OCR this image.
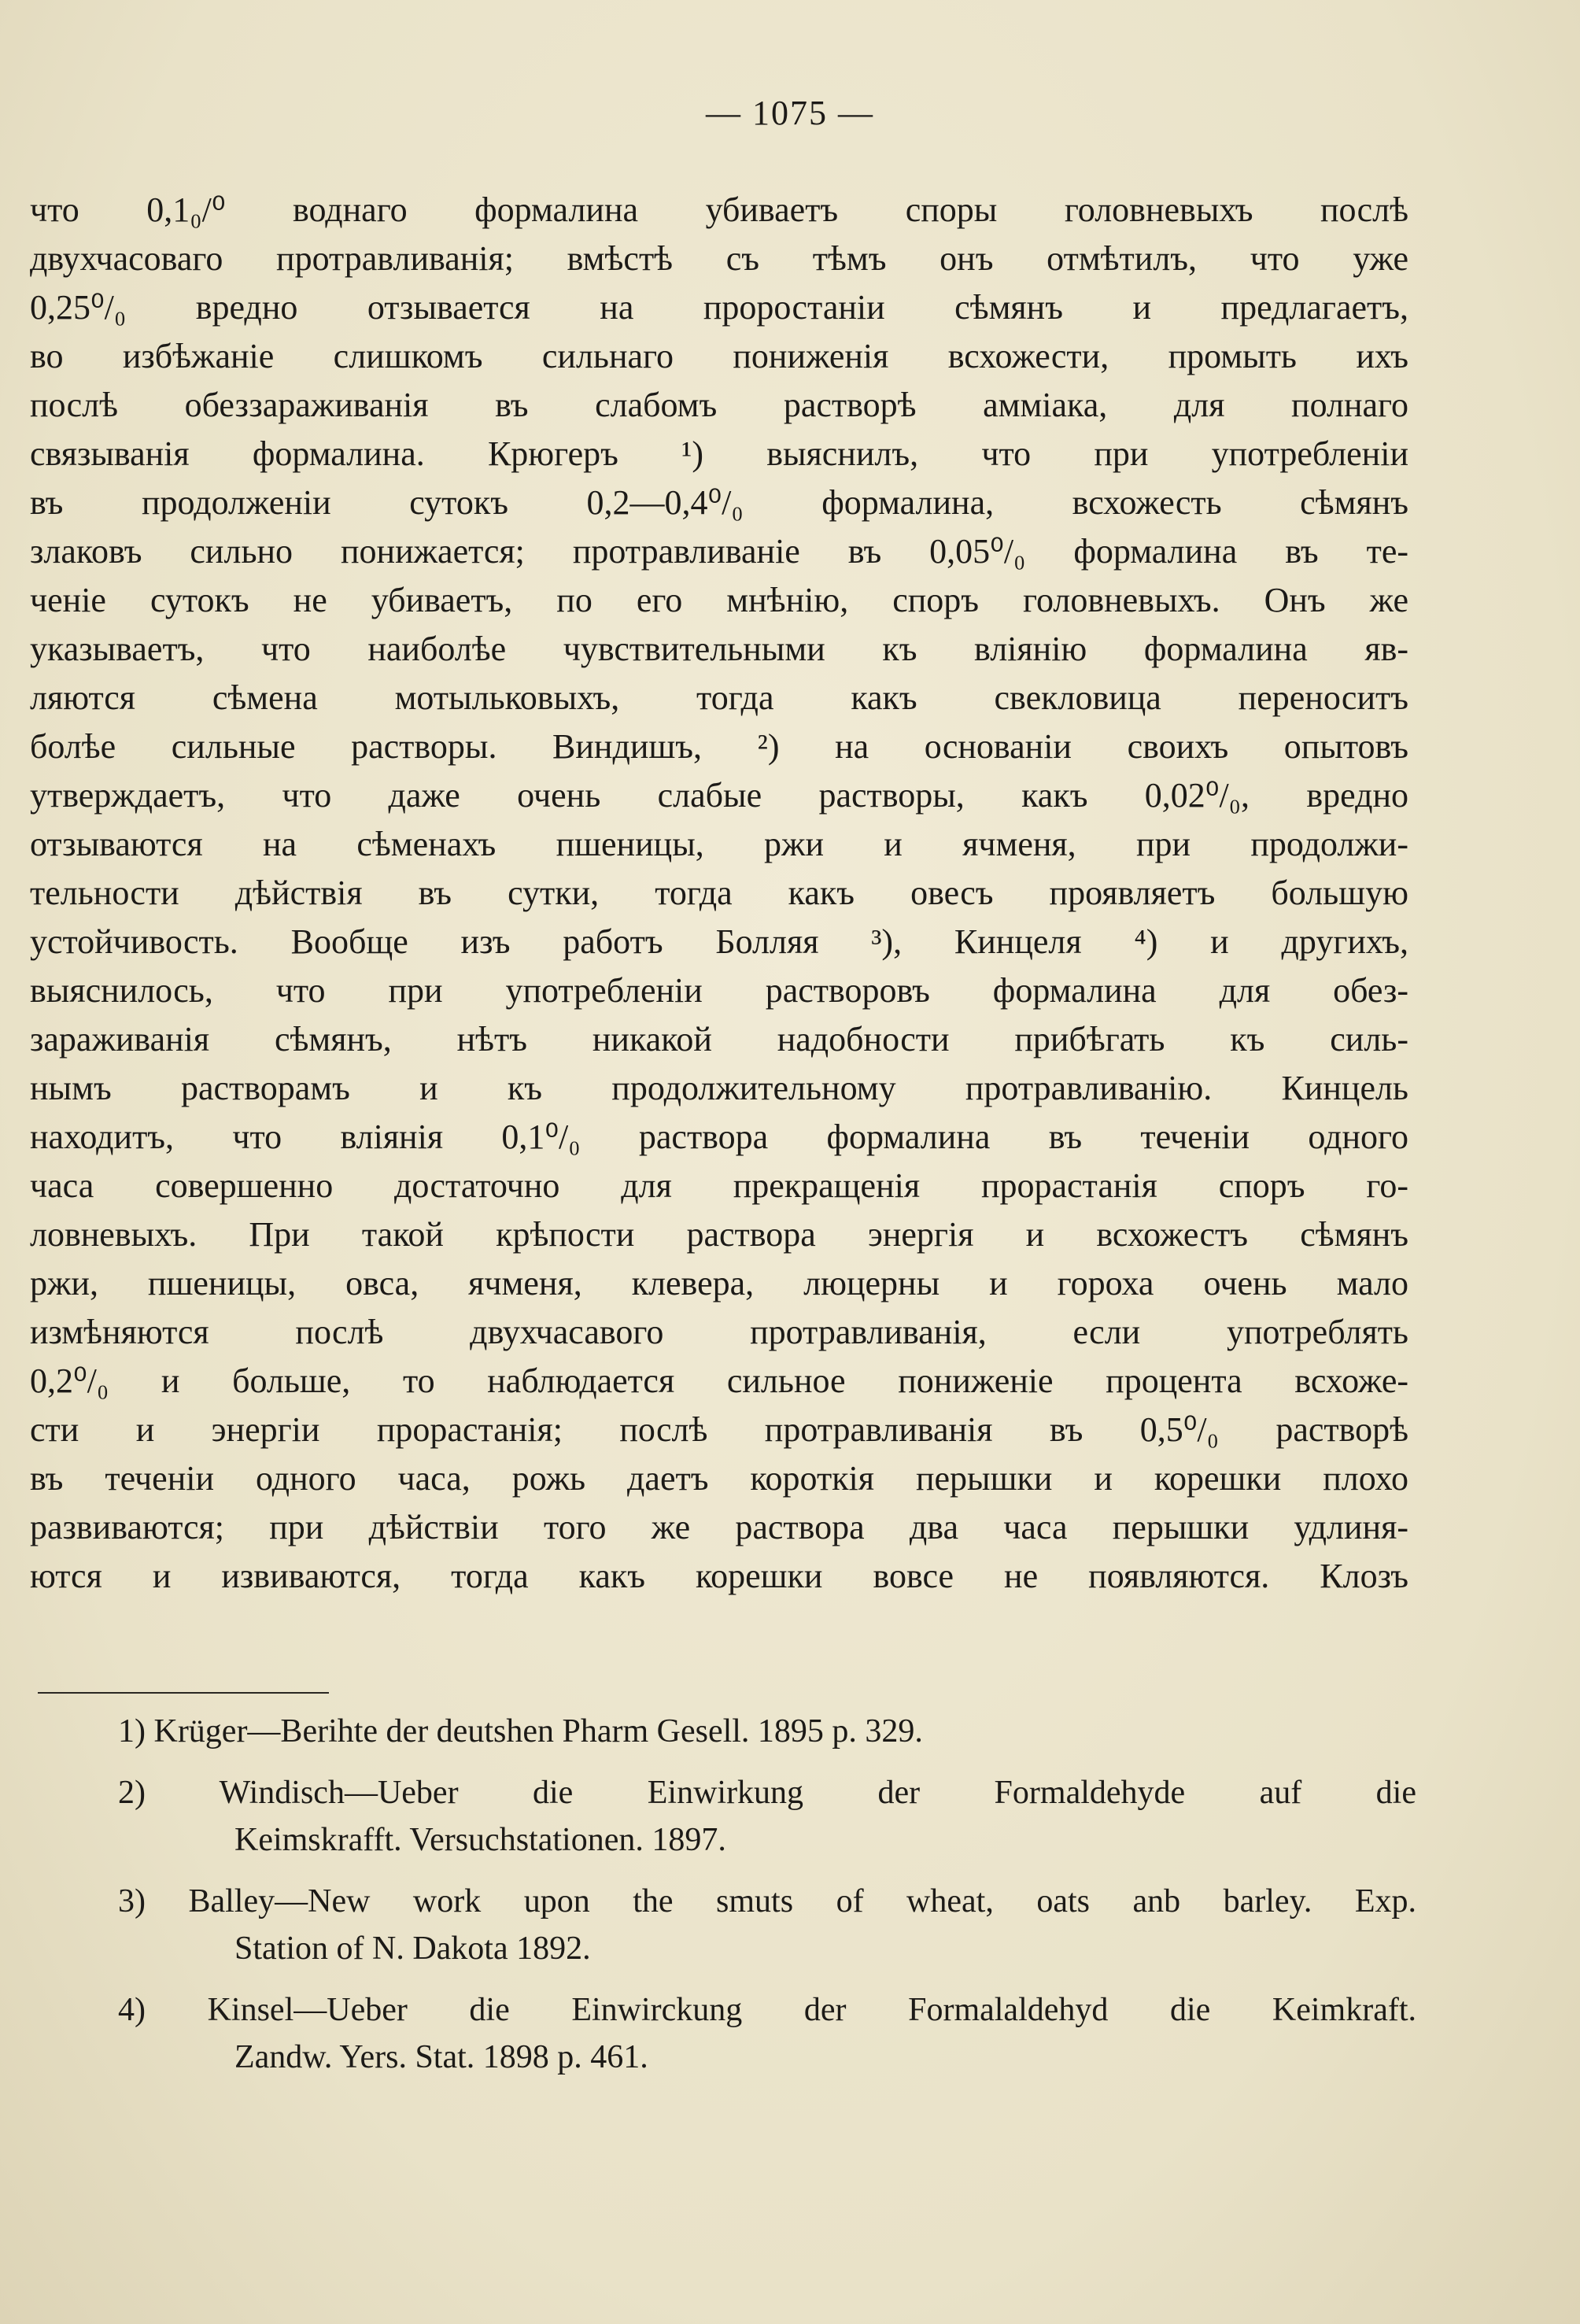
— 1075 —
что 0,1₀/⁰ воднаго формалина убиваетъ споры головневыхъ послѣ
двухчасоваго протравливанія; вмѣстѣ съ тѣмъ онъ отмѣтилъ, что уже
0,25⁰/₀ вредно отзывается на проростаніи сѣмянъ и предлагаетъ,
во избѣжаніе слишкомъ сильнаго пониженія всхожести, промыть ихъ
послѣ обеззараживанія въ слабомъ растворѣ аммiака, для полнаго
связыванія формалина. Крюгеръ ¹) выяснилъ, что при употребленіи
въ продолженіи сутокъ 0,2—0,4⁰/₀ формалина, всхожесть сѣмянъ
злаковъ сильно понижается; протравливаніе въ 0,05⁰/₀ формалина въ те-
ченіе сутокъ не убиваетъ, по его мнѣнію, споръ головневыхъ. Онъ же
указываетъ, что наиболѣе чувствительными къ вліянію формалина яв-
ляются сѣмена мотыльковыхъ, тогда какъ свекловица переноситъ
болѣе сильные растворы. Виндишъ, ²) на основаніи своихъ опытовъ
утверждаетъ, что даже очень слабые растворы, какъ 0,02⁰/₀, вредно
отзываются на сѣменахъ пшеницы, ржи и ячменя, при продолжи-
тельности дѣйствія въ сутки, тогда какъ овесъ проявляетъ большую
устойчивость. Вообще изъ работъ Болляя ³), Кинцеля ⁴) и другихъ,
выяснилось, что при употребленіи растворовъ формалина для обез-
зараживанія сѣмянъ, нѣтъ никакой надобности прибѣгать къ силь-
нымъ растворамъ и къ продолжительному протравливанію. Кинцель
находитъ, что вліянія 0,1⁰/₀ раствора формалина въ теченіи одного
часа совершенно достаточно для прекращенія прорастанія споръ го-
ловневыхъ. При такой крѣпости раствора энергія и всхожестъ сѣмянъ
ржи, пшеницы, овса, ячменя, клевера, люцерны и гороха очень мало
измѣняются послѣ двухчасавого протравливанія, если употреблять
0,2⁰/₀ и больше, то наблюдается сильное пониженіе процента всхоже-
сти и энергіи прорастанія; послѣ протравливанія въ 0,5⁰/₀ растворѣ
въ теченіи одного часа, рожь даетъ короткія перышки и корешки плохо
развиваются; при дѣйствіи того же раствора два часа перышки удлиня-
ются и извиваются, тогда какъ корешки вовсе не появляются. Клозъ
1) Krüger—Berihte der deutshen Pharm Gesell. 1895 p. 329.
2) Windisch—Ueber die Einwirkung der Formaldehyde auf die
Keimskrafft. Versuchstationen. 1897.
3) Balley—New work upon the smuts of wheat, oats anb barley. Exp.
Station of N. Dakota 1892.
4) Kinsel—Ueber die Einwirckung der Formalaldehyd die Keimkraft.
Zandw. Yers. Stat. 1898 p. 461.
